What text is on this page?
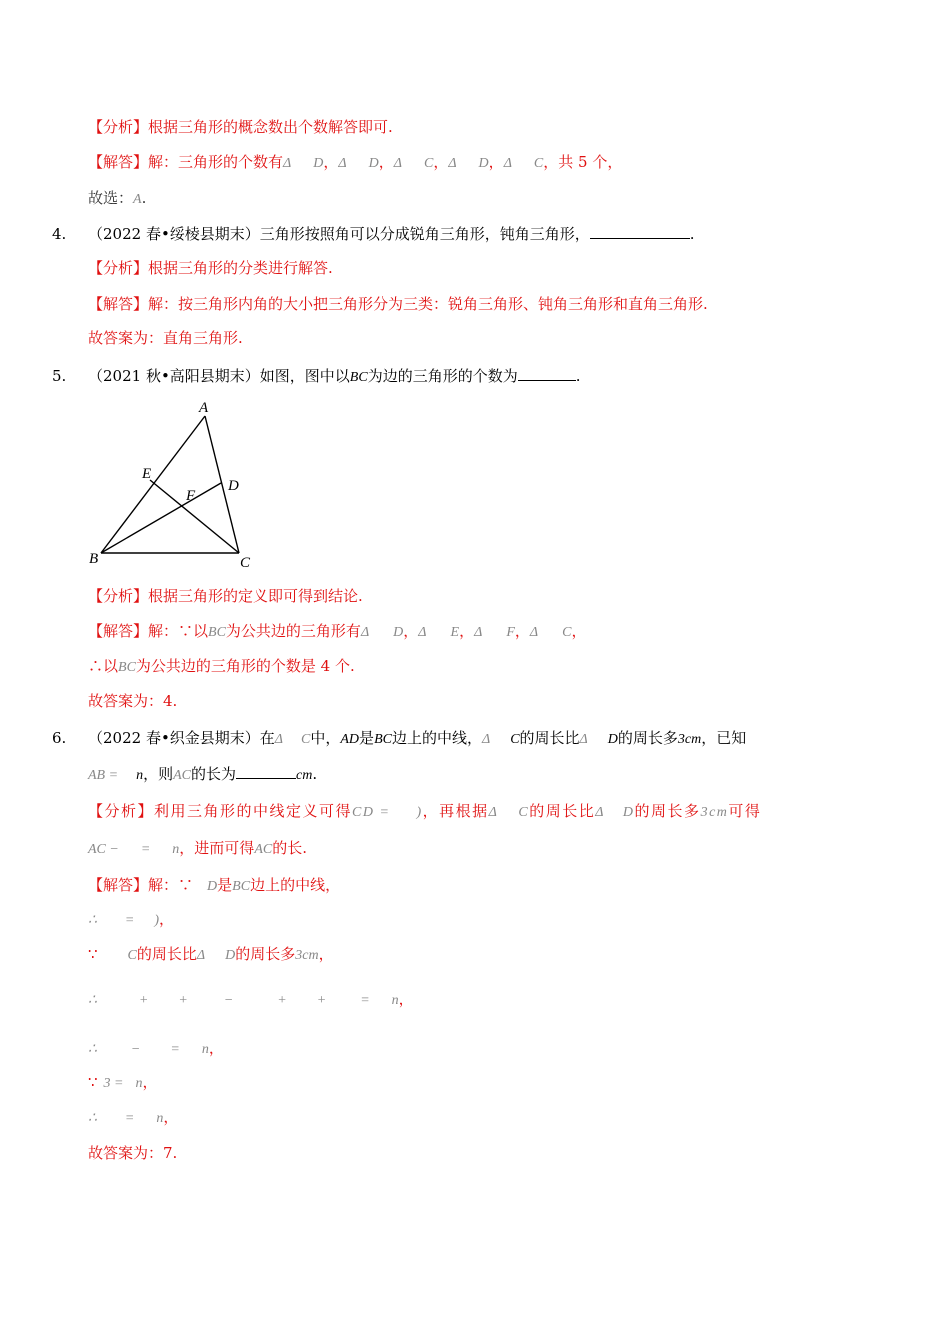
【分析】根据三角形的概念数出个数解答即可.
【解答】解：三角形的个数有Δ D，Δ D，Δ C，Δ D，Δ C，共 5 个，
故选：A.
4. （2022 春•绥棱县期末）三角形按照角可以分成锐角三角形，钝角三角形，	.
【分析】根据三角形的分类进行解答.
【解答】解：按三角形内角的大小把三角形分为三类：锐角三角形、钝角三角形和直角三角形.
故答案为：直角三角形.
5. （2021 秋•高阳县期末）如图，图中以BC为边的三角形的个数为	.
A
B	C
D
E
F
【分析】根据三角形的定义即可得到结论.
【解答】解：∵以BC为公共边的三角形有Δ D，Δ E，Δ F，Δ C，
∴以BC为公共边的三角形的个数是 4 个.
故答案为：4.
6. （2022 春•织金县期末）在Δ C中，AD是BC边上的中线，Δ C的周长比Δ D的周长多3cm，已知
AB = n，则AC的长为	cm.
【分析】利用三角形的中线定义可得CD = )，再根据Δ C的周长比Δ D的周长多3cm可得
AC − = n，进而可得AC的长.
【解答】解：∵ D是BC边上的中线，
∴ = )，
∵ C的周长比Δ D的周长多3cm，
∴	+ +	−	+ + = n，
∴ − = n，
∵ 3 = n，
∴ = n，
故答案为：7.
